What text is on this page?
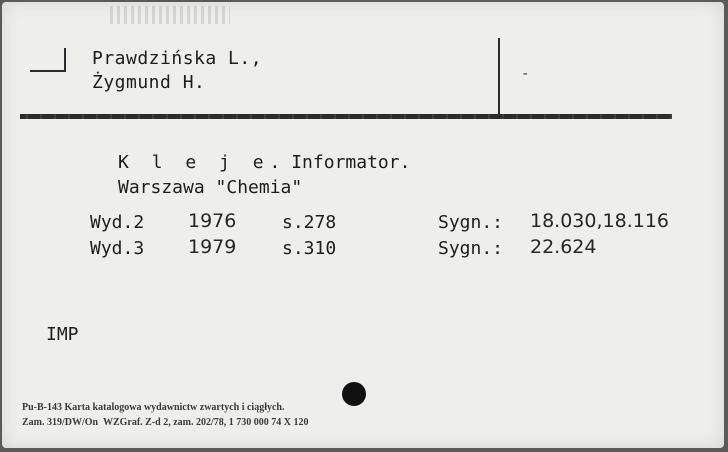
Prawdzińska L.,
Żygmund H.	-
K l e j e. Informator.
Warszawa "Chemia"
Wyd.2 1976	s.278	Sygn.: 18.030,18.116
Wyd.3 1979	s.310	Sygn.: 22.624
IMP
Pu-B-143 Karta katalogowa wydawnictw zwartych i ciągłych.
Zam. 319/DW/On  WZGraf. Z-d 2, zam. 202/78, 1 730 000 74 X 120
